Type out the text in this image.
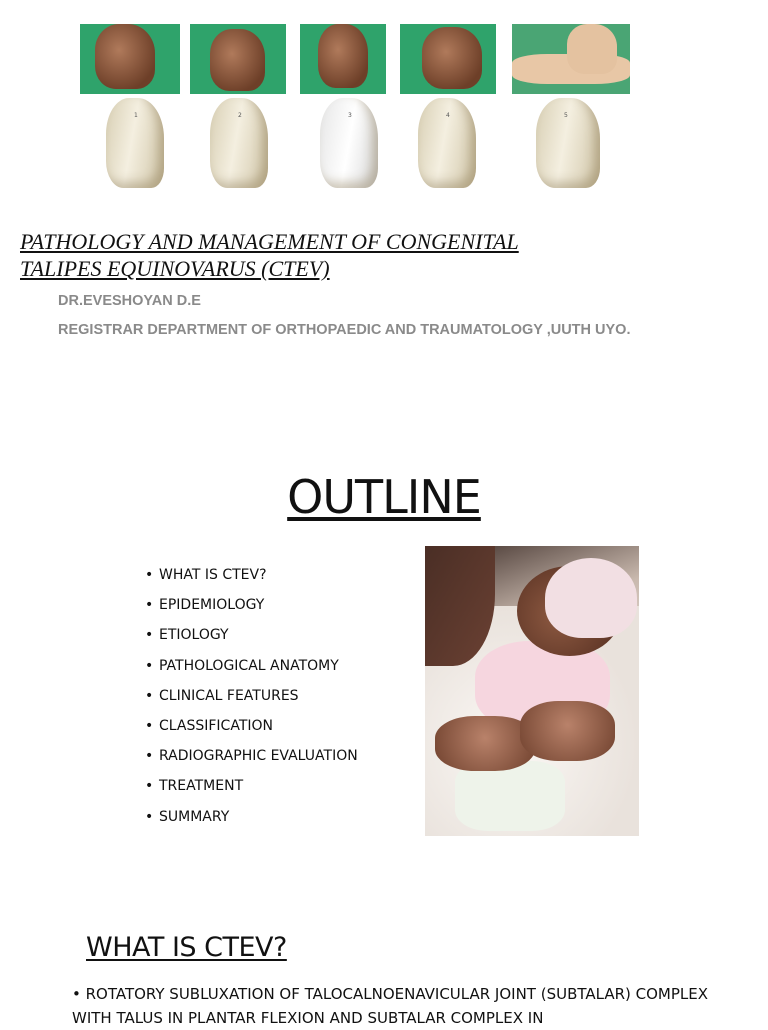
1	2	3	4	5
PATHOLOGY AND MANAGEMENT OF CONGENITAL
TALIPES EQUINOVARUS (CTEV)

DR.EVESHOYAN D.E

REGISTRAR DEPARTMENT OF ORTHOPAEDIC AND TRAUMATOLOGY ,UUTH UYO.

OUTLINE
• WHAT IS CTEV?
• EPIDEMIOLOGY
• ETIOLOGY
• PATHOLOGICAL ANATOMY
• CLINICAL FEATURES
• CLASSIFICATION
• RADIOGRAPHIC EVALUATION
• TREATMENT
• SUMMARY
WHAT IS CTEV?

• ROTATORY SUBLUXATION OF TALOCALNOENAVICULAR JOINT (SUBTALAR) COMPLEX WITH TALUS IN PLANTAR FLEXION AND SUBTALAR COMPLEX IN
